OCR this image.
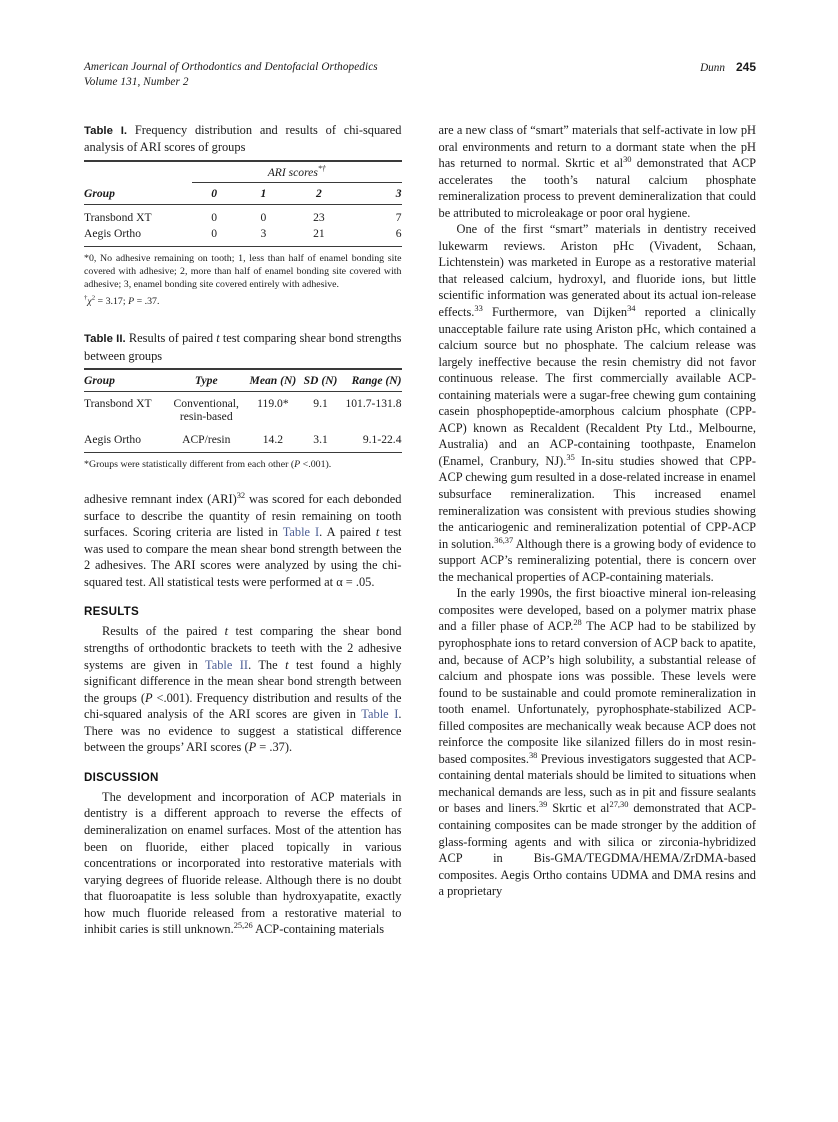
American Journal of Orthodontics and Dentofacial Orthopedics
Volume 131, Number 2
Dunn 245

Table I. Frequency distribution and results of chi-squared analysis of ARI scores of groups

	ARI scores*†

Group	0	1	2	3

Transbond XT	0	0	23	7
Aegis Ortho	0	3	21	6

*0, No adhesive remaining on tooth; 1, less than half of enamel bonding site covered with adhesive; 2, more than half of enamel bonding site covered with adhesive; 3, enamel bonding site covered entirely with adhesive.

$^\dagger\chi^2 = 3.17$; P = .37.

Table II. Results of paired t test comparing shear bond strengths between groups

Group	Type	Mean (N)	SD (N)	Range (N)

Transbond XT	Conventional,	119.0*	9.1	101.7-131.8
	resin-based			
Aegis Ortho	ACP/resin	14.2	3.1	9.1-22.4

*Groups were statistically different from each other (P <.001).

adhesive remnant index (ARI)$^{32}$ was scored for each debonded surface to describe the quantity of resin remaining on tooth surfaces. Scoring criteria are listed in Table I. A paired t test was used to compare the mean shear bond strength between the 2 adhesives. The ARI scores were analyzed by using the chi-squared test. All statistical tests were performed at α = .05.

RESULTS

Results of the paired t test comparing the shear bond strengths of orthodontic brackets to teeth with the 2 adhesive systems are given in Table II. The t test found a highly significant difference in the mean shear bond strength between the groups (P <.001). Frequency distribution and results of the chi-squared analysis of the ARI scores are given in Table I. There was no evidence to suggest a statistical difference between the groups’ ARI scores (P = .37).

DISCUSSION

The development and incorporation of ACP materials in dentistry is a different approach to reverse the effects of demineralization on enamel surfaces. Most of the attention has been on fluoride, either placed topically in various concentrations or incorporated into restorative materials with varying degrees of fluoride release. Although there is no doubt that fluoroapatite is less soluble than hydroxyapatite, exactly how much fluoride released from a restorative material to inhibit caries is still unknown.$^{25,26}$ ACP-containing materials

are a new class of “smart” materials that self-activate in low pH oral environments and return to a dormant state when the pH has returned to normal. Skrtic et $al^{30}$ demonstrated that ACP accelerates the tooth’s natural calcium phosphate remineralization process to prevent demineralization that could be attributed to microleakage or poor oral hygiene.

One of the first “smart” materials in dentistry received lukewarm reviews. Ariston pHc (Vivadent, Schaan, Lichtenstein) was marketed in Europe as a restorative material that released calcium, hydroxyl, and fluoride ions, but little scientific information was generated about its actual ion-release effects.$^{33}$ Furthermore, van Dijken$^{34}$ reported a clinically unacceptable failure rate using Ariston pHc, which contained a calcium source but no phosphate. The calcium release was largely ineffective because the resin chemistry did not favor continuous release. The first commercially available ACP-containing materials were a sugar-free chewing gum containing casein phosphopeptide-amorphous calcium phosphate (CPP-ACP) known as Recaldent (Recaldent Pty Ltd., Melbourne, Australia) and an ACP-containing toothpaste, Enamelon (Enamel, Cranbury, NJ).$^{35}$ In-situ studies showed that CPP-ACP chewing gum resulted in a dose-related increase in enamel subsurface remineralization. This increased enamel remineralization was consistent with previous studies showing the anticariogenic and remineralization potential of CPP-ACP in solution.$^{36,37}$ Although there is a growing body of evidence to support ACP’s remineralizing potential, there is concern over the mechanical properties of ACP-containing materials.

In the early 1990s, the first bioactive mineral ion-releasing composites were developed, based on a polymer matrix phase and a filler phase of ACP.$^{28}$ The ACP had to be stabilized by pyrophosphate ions to retard conversion of ACP back to apatite, and, because of ACP’s high solubility, a substantial release of calcium and phospate ions was possible. These levels were found to be sustainable and could promote remineralization in tooth enamel. Unfortunately, pyrophosphate-stabilized ACP-filled composites are mechanically weak because ACP does not reinforce the composite like silanized fillers do in most resin-based composites.$^{38}$ Previous investigators suggested that ACP-containing dental materials should be limited to situations when mechanical demands are less, such as in pit and fissure sealants or bases and liners.$^{39}$ Skrtic et al$^{27,30}$ demonstrated that ACP-containing composites can be made stronger by the addition of glass-forming agents and with silica or zirconia-hybridized ACP in Bis-GMA/TEGDMA/HEMA/ZrDMA-based composites. Aegis Ortho contains UDMA and DMA resins and a proprietary
